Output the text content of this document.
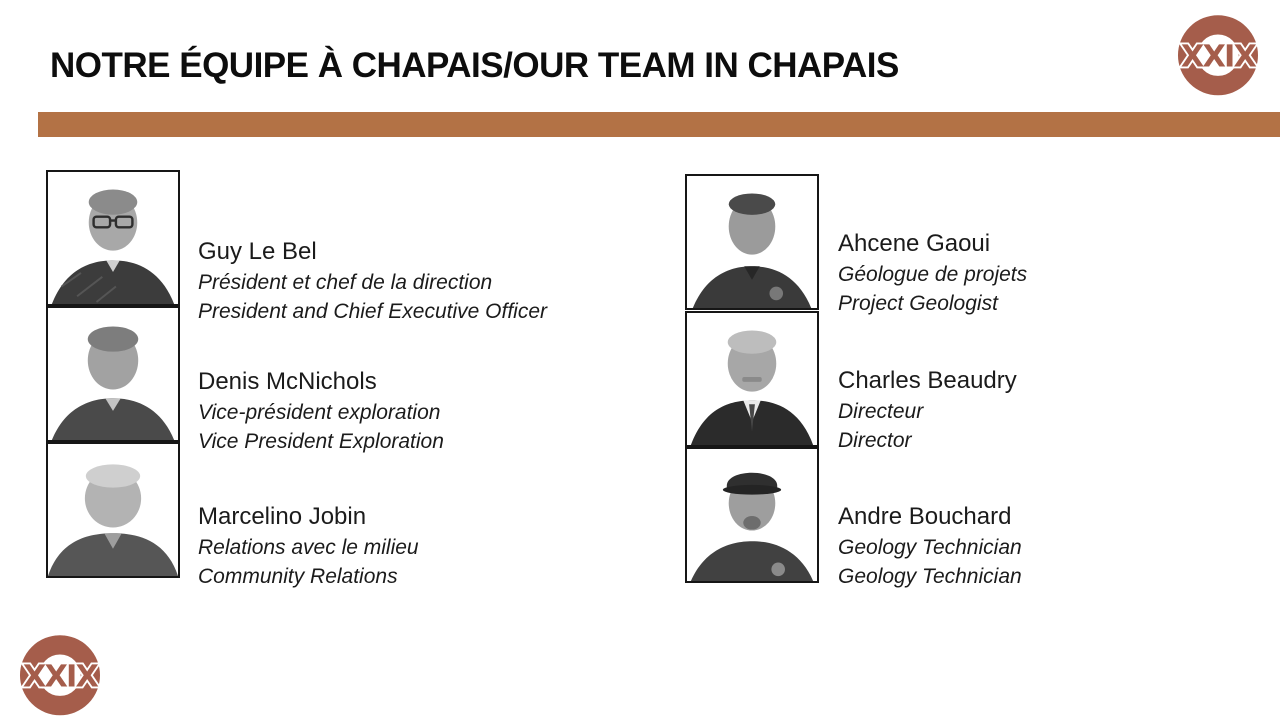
NOTRE ÉQUIPE À CHAPAIS/OUR TEAM IN CHAPAIS	XXIX
XXIX
Guy Le Bel
Président et chef de la direction
President and Chief Executive Officer
Denis McNichols
Vice-président exploration
Vice President Exploration
Marcelino Jobin
Relations avec le milieu
Community Relations
Ahcene Gaoui
Géologue de projets
Project Geologist
Charles Beaudry
Directeur
Director
Andre Bouchard
Geology Technician
Geology Technician
